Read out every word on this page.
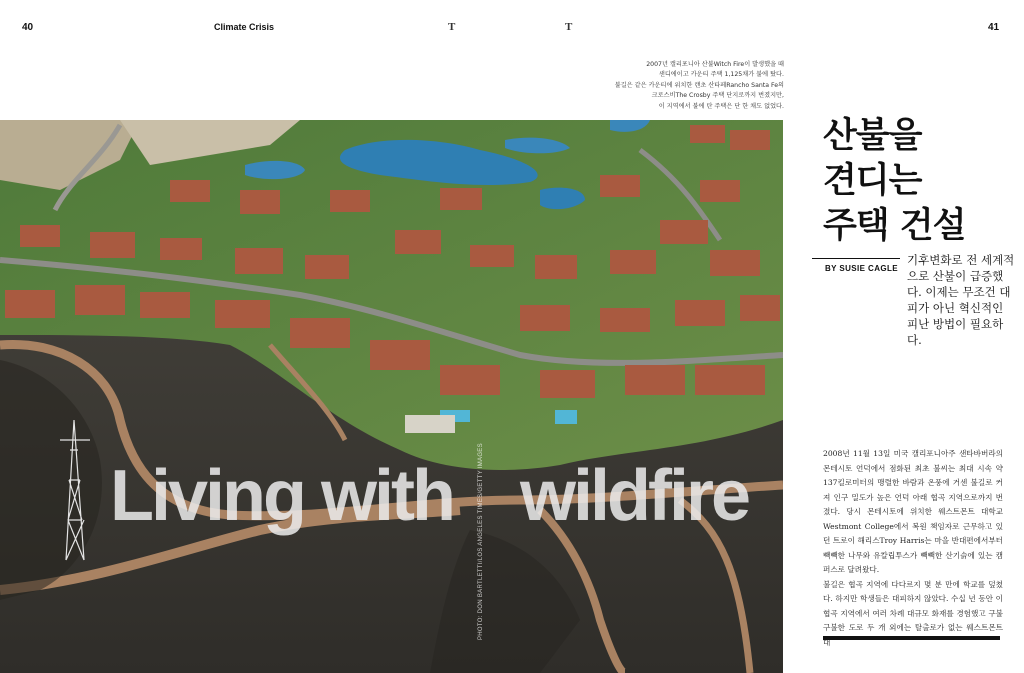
40	Climate Crisis	T	T	41
2007년 캘리포니아 산불Witch Fire이 발생했을 때
샌디에이고 카운티 주택 1,125채가 불에 탔다.
불길은 같은 카운티에 위치한 랜초 산타페Rancho Santa Fe의
크로스비The Crosby 주택 단지로까지 번졌지만,
이 지역에서 불에 탄 주택은 단 한 채도 없었다.
Living with wildfire
PHOTO: DON BARTLETTI/LOS ANGELES TIMES/GETTY IMAGES
산불을
견디는
주택 건설
BY SUSIE CAGLE
기후변화로 전 세계적으로 산불이 급증했다. 이제는 무조건 대피가 아닌 혁신적인 피난 방법이 필요하다.

2008년 11월 13일 미국 캘리포니아주 샌타바버라의 몬테시토 언덕에서 점화된 최초 불씨는 최대 시속 약 137킬로미터의 맹렬한 바람과 온풍에 거센 불길로 커져 인구 밀도가 높은 언덕 아래 협곡 지역으로까지 번졌다. 당시 몬테시토에 위치한 웨스트몬트 대학교Westmont College에서 복원 책임자로 근무하고 있던 트로이 해리스Troy Harris는 마을 반대편에서부터 빽빽한 나무와 유칼립투스가 빽빽한 산기슭에 있는 캠퍼스로 달려왔다.

불길은 협곡 지역에 다다르지 몇 분 만에 학교를 덮쳤다. 하지만 학생들은 대피하지 않았다. 수십 년 동안 이 협곡 지역에서 여러 차례 대규모 화재를 경험했고 구불구불한 도로 두 개 외에는 탈출로가 없는 웨스트몬트 대
